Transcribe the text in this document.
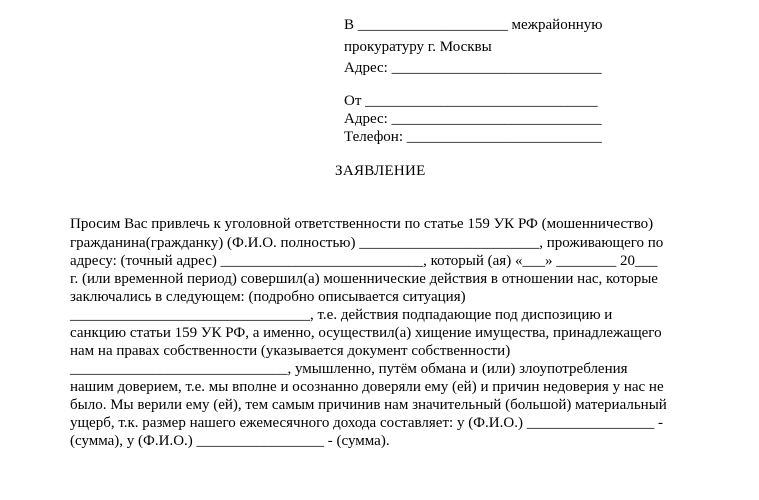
В ____________________ межрайонную
прокуратуру г. Москвы
Адрес: ____________________________
От _______________________________
Адрес: ____________________________
Телефон: __________________________
ЗАЯВЛЕНИЕ
Просим Вас привлечь к уголовной ответственности по статье 159 УК РФ (мошенничество)
гражданина(гражданку) (Ф.И.О. полностью) ________________________, проживающего по
адресу: (точный адрес) ___________________________, который (ая) «___» ________ 20___
г. (или временной период) совершил(а) мошеннические действия в отношении нас, которые
заключались в следующем: (подробно описывается ситуация)
________________________________, т.е. действия подпадающие под диспозицию и
санкцию статьи 159 УК РФ, а именно, осуществил(а) хищение имущества, принадлежащего
нам на правах собственности (указывается документ собственности)
_____________________________, умышленно, путём обмана и (или) злоупотребления
нашим доверием, т.е. мы вполне и осознанно доверяли ему (ей) и причин недоверия у нас не
было. Мы верили ему (ей), тем самым причинив нам значительный (большой) материальный
ущерб, т.к. размер нашего ежемесячного дохода составляет: у (Ф.И.О.) _________________ -
(сумма), у (Ф.И.О.) _________________ - (сумма).
